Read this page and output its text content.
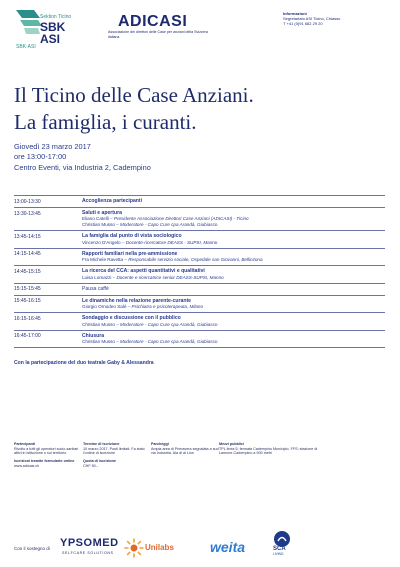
Sektion Ticino
SBK
ASI
SBK·ASI
ADICASI
Associazione dei direttori delle Case per anziani della Svizzera italiana
Informazioni
Segretariato ASI Ticino, Chiasso
T +41 (0)91 682 29 20
Il Ticino delle Case Anziani.
La famiglia, i curanti.
Giovedì 23 marzo 2017
ore 13:00-17:00
Centro Eventi, via Industria 2, Cadempino
13:00-13:30	Accoglienza partecipanti
13:30-13:45	Saluti e apertura
Eliano Catelli – Presidente Associazione Direttori Case Anziani (ADICASI) - Ticino
Christian Musso – Moderatore - Capo Cure cpa Arandà, Giubiasco
13:45-14:15	La famiglia dal punto di vista sociologico
Vincenzo D'Angelo – Docente-ricercatore DEASS - SUPSI, Manno
14:15-14:45	Rapporti familiari nella pre-ammissione
Fra Michele Ravetta – Responsabile servizio sociale, Ospedale san Giovanni, Bellinzona
14:45-15:15	La ricerca del CCA: aspetti quantitativi e qualitativi
Luisa Lomazzi – Docente e ricercatrice senior DEASS-SUPSI, Manno
15:15-15:45	Pausa caffè
15:45-16:15	Le dinamiche nella relazione parente-curante
Giorgio Ornodeo Salé – Psichiatra e psicoterapeuta, Milano
16:15-16:45	Sondaggio e discussione con il pubblico
Christian Musso – Moderatore - Capo Cure cpa Arandà, Giubiasco
16:45-17:00	Chiusura
Christian Musso – Moderatore - Capo Cure cpa Arandà, Giubiasco
Con la partecipazione del duo teatrale Gaby & Alessandra
Partecipanti
Rivolto a tutti gli operatori socio-sanitari attivi in istituzione o sul territorio
Iscrizioni tramite formulario online
www.adicasi.ch
Termine di iscrizione
10 marzo 2017. Posti limitati. Fa stato l'ordine di iscrizione
Quota di iscrizione
CHF 50.-
Parcheggi
Ampia area di Primavera segnalata a sud via Industria. Ala di al Lion
Mezzi pubblici
TPL linea 5, fermata Cadempino Municipio. FFS: stazione di Lamone-Cadempino a 500 metri
Con il sostegno di YPSOMED
SELFCARE SOLUTIONS
Unilabs	weita	SCA
LIVING
